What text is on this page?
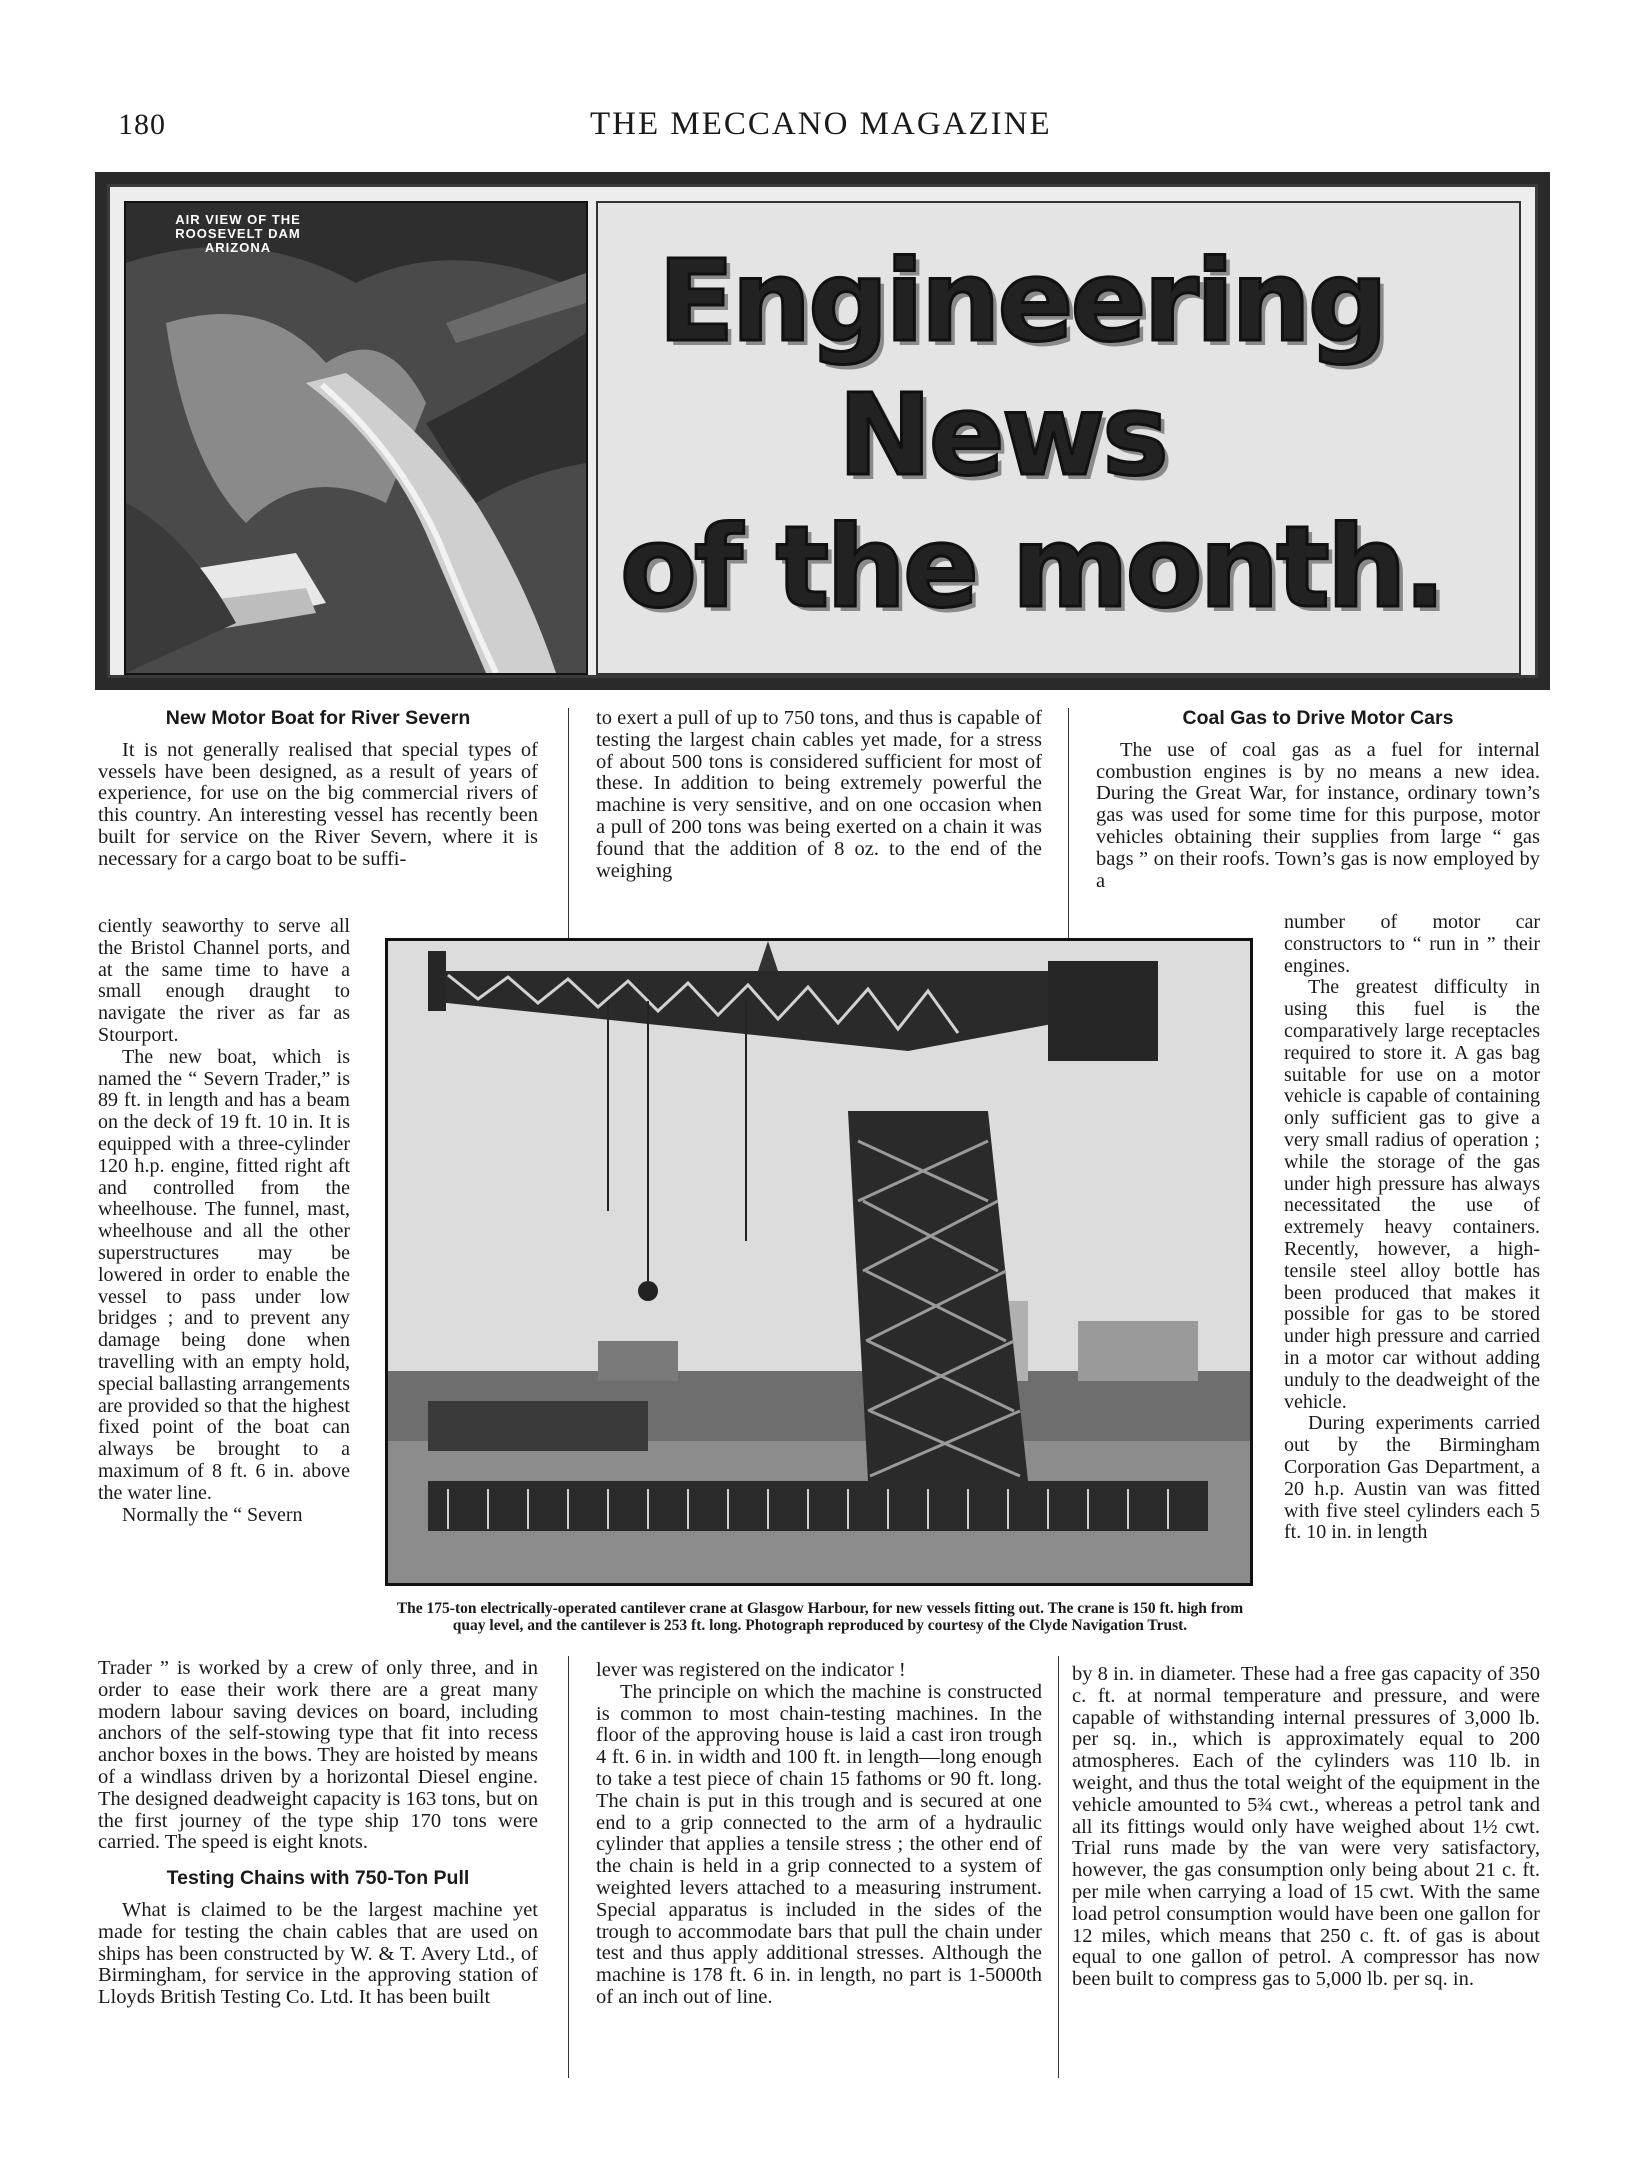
180	THE MECCANO MAGAZINE
AIR VIEW OF THE
ROOSEVELT DAM
ARIZONA	Engineering
News
of the month.
New Motor Boat for River Severn

It is not generally realised that special types of vessels have been designed, as a result of years of experience, for use on the big commercial rivers of this country. An interesting vessel has recently been built for service on the River Severn, where it is necessary for a cargo boat to be suffi-

ciently seaworthy to serve all the Bristol Channel ports, and at the same time to have a small enough draught to navigate the river as far as Stourport.

The new boat, which is named the “ Severn Trader,” is 89 ft. in length and has a beam on the deck of 19 ft. 10 in. It is equipped with a three-cylinder 120 h.p. engine, fitted right aft and controlled from the wheelhouse. The funnel, mast, wheelhouse and all the other superstructures may be lowered in order to enable the vessel to pass under low bridges ; and to prevent any damage being done when travelling with an empty hold, special ballasting arrangements are provided so that the highest fixed point of the boat can always be brought to a maximum of 8 ft. 6 in. above the water line.

Normally the “ Severn

Trader ” is worked by a crew of only three, and in order to ease their work there are a great many modern labour saving devices on board, including anchors of the self-stowing type that fit into recess anchor boxes in the bows. They are hoisted by means of a windlass driven by a horizontal Diesel engine. The designed deadweight capacity is 163 tons, but on the first journey of the type ship 170 tons were carried. The speed is eight knots.

Testing Chains with 750-Ton Pull

What is claimed to be the largest machine yet made for testing the chain cables that are used on ships has been constructed by W. & T. Avery Ltd., of Birmingham, for service in the approving station of Lloyds British Testing Co. Ltd. It has been built

to exert a pull of up to 750 tons, and thus is capable of testing the largest chain cables yet made, for a stress of about 500 tons is considered sufficient for most of these. In addition to being extremely powerful the machine is very sensitive, and on one occasion when a pull of 200 tons was being exerted on a chain it was found that the addition of 8 oz. to the end of the weighing

lever was registered on the indicator !

The principle on which the machine is constructed is common to most chain-testing machines. In the floor of the approving house is laid a cast iron trough 4 ft. 6 in. in width and 100 ft. in length—long enough to take a test piece of chain 15 fathoms or 90 ft. long. The chain is put in this trough and is secured at one end to a grip connected to the arm of a hydraulic cylinder that applies a tensile stress ; the other end of the chain is held in a grip connected to a system of weighted levers attached to a measuring instrument. Special apparatus is included in the sides of the trough to accommodate bars that pull the chain under test and thus apply additional stresses. Although the machine is 178 ft. 6 in. in length, no part is 1-5000th of an inch out of line.

Coal Gas to Drive Motor Cars

The use of coal gas as a fuel for internal combustion engines is by no means a new idea. During the Great War, for instance, ordinary town’s gas was used for some time for this purpose, motor vehicles obtaining their supplies from large “ gas bags ” on their roofs. Town’s gas is now employed by a

number of motor car constructors to “ run in ” their engines.

The greatest difficulty in using this fuel is the comparatively large receptacles required to store it. A gas bag suitable for use on a motor vehicle is capable of containing only sufficient gas to give a very small radius of operation ; while the storage of the gas under high pressure has always necessitated the use of extremely heavy containers. Recently, however, a high-tensile steel alloy bottle has been produced that makes it possible for gas to be stored under high pressure and carried in a motor car without adding unduly to the deadweight of the vehicle.

During experiments carried out by the Birmingham Corporation Gas Department, a 20 h.p. Austin van was fitted with five steel cylinders each 5 ft. 10 in. in length

by 8 in. in diameter. These had a free gas capacity of 350 c. ft. at normal temperature and pressure, and were capable of withstanding internal pressures of 3,000 lb. per sq. in., which is approximately equal to 200 atmospheres. Each of the cylinders was 110 lb. in weight, and thus the total weight of the equipment in the vehicle amounted to 5¾ cwt., whereas a petrol tank and all its fittings would only have weighed about 1½ cwt. Trial runs made by the van were very satisfactory, however, the gas consumption only being about 21 c. ft. per mile when carrying a load of 15 cwt. With the same load petrol consumption would have been one gallon for 12 miles, which means that 250 c. ft. of gas is about equal to one gallon of petrol. A compressor has now been built to compress gas to 5,000 lb. per sq. in.

The 175-ton electrically-operated cantilever crane at Glasgow Harbour, for new vessels fitting out. The crane is 150 ft. high from quay level, and the cantilever is 253 ft. long. Photograph reproduced by courtesy of the Clyde Navigation Trust.
